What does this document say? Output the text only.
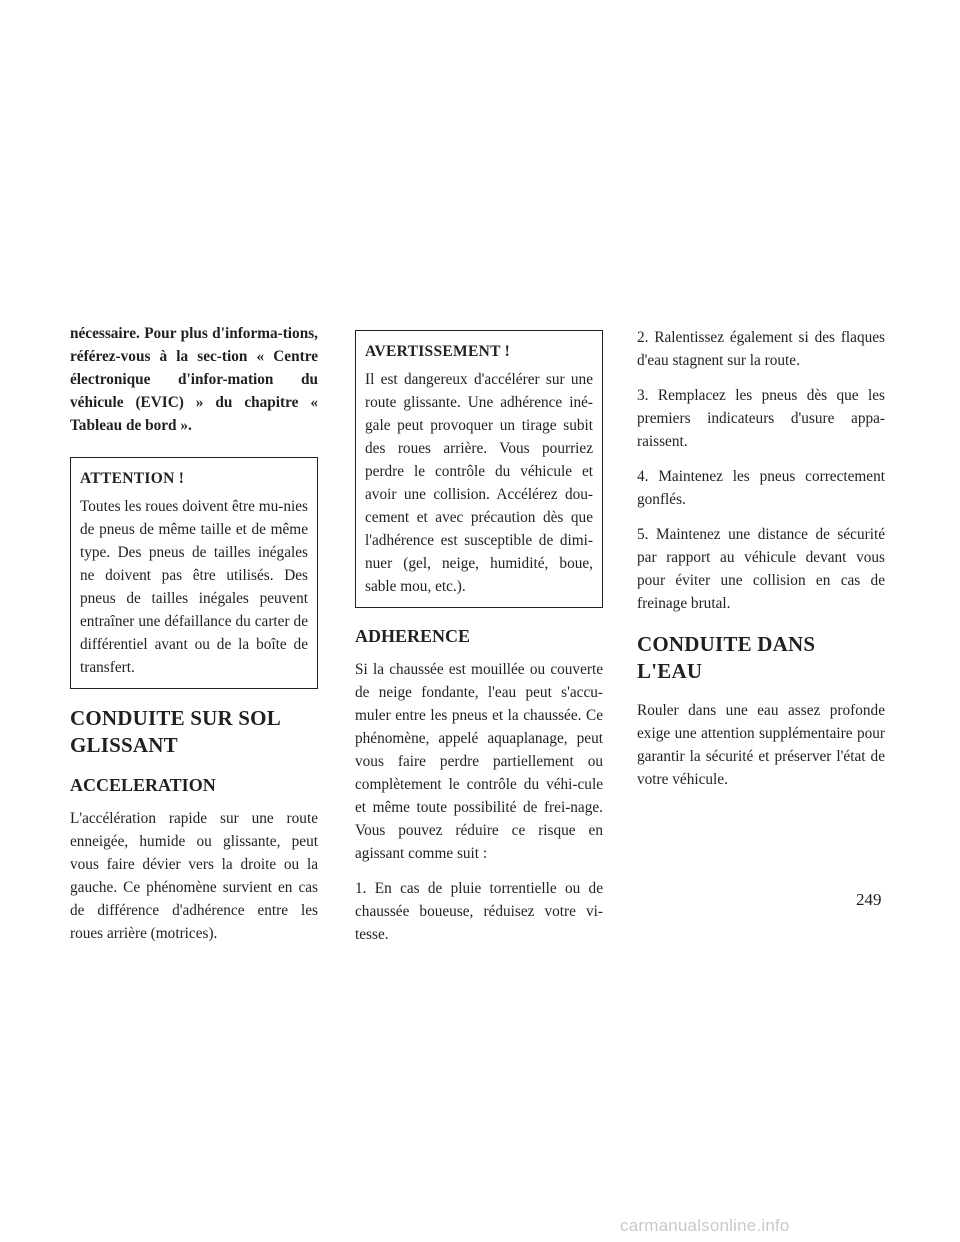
nécessaire. Pour plus d'informa-tions, référez-vous à la sec-tion « Centre électronique d'infor-mation du véhicule (EVIC) » du chapitre « Tableau de bord ».

ATTENTION !

Toutes les roues doivent être mu-nies de pneus de même taille et de même type. Des pneus de tailles inégales ne doivent pas être utilisés. Des pneus de tailles inégales peuvent entraîner une défaillance du carter de différentiel avant ou de la boîte de transfert.

CONDUITE SUR SOL GLISSANT
ACCELERATION

L'accélération rapide sur une route enneigée, humide ou glissante, peut vous faire dévier vers la droite ou la gauche. Ce phénomène survient en cas de différence d'adhérence entre les roues arrière (motrices).

AVERTISSEMENT !

Il est dangereux d'accélérer sur une route glissante. Une adhérence iné-gale peut provoquer un tirage subit des roues arrière. Vous pourriez perdre le contrôle du véhicule et avoir une collision. Accélérez dou-cement et avec précaution dès que l'adhérence est susceptible de dimi-nuer (gel, neige, humidité, boue, sable mou, etc.).

ADHERENCE

Si la chaussée est mouillée ou couverte de neige fondante, l'eau peut s'accu-muler entre les pneus et la chaussée. Ce phénomène, appelé aquaplanage, peut vous faire perdre partiellement ou complètement le contrôle du véhi-cule et même toute possibilité de frei-nage. Vous pouvez réduire ce risque en agissant comme suit :

1. En cas de pluie torrentielle ou de chaussée boueuse, réduisez votre vi-tesse.

2. Ralentissez également si des flaques d'eau stagnent sur la route.

3. Remplacez les pneus dès que les premiers indicateurs d'usure appa-raissent.

4. Maintenez les pneus correctement gonflés.

5. Maintenez une distance de sécurité par rapport au véhicule devant vous pour éviter une collision en cas de freinage brutal.

CONDUITE DANS L'EAU

Rouler dans une eau assez profonde exige une attention supplémentaire pour garantir la sécurité et préserver l'état de votre véhicule.

249
carmanualsonline.info
